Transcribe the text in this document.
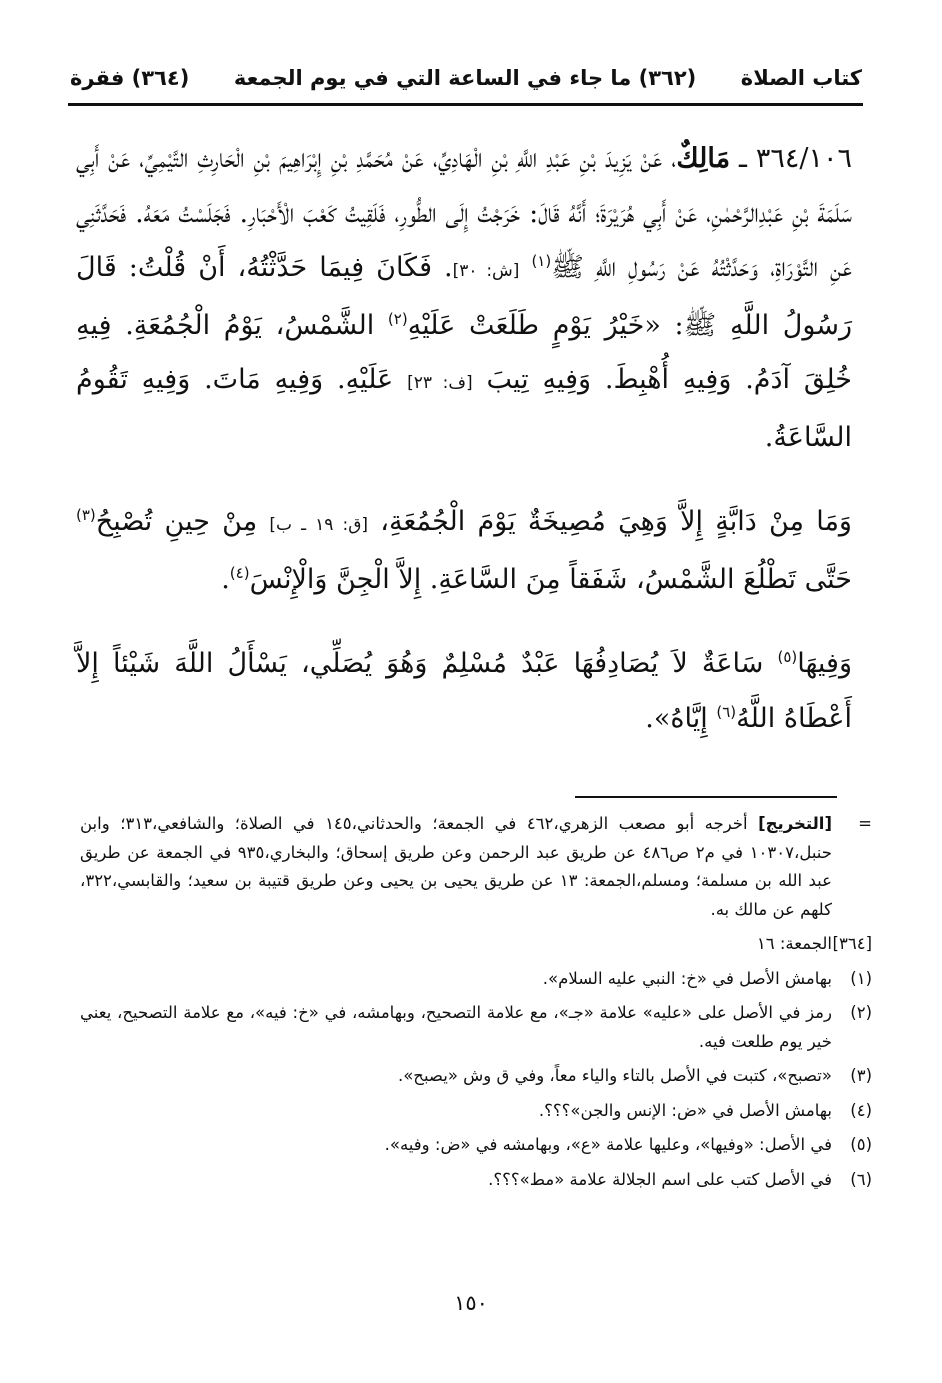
كتاب الصلاة
(٣٦٢) ما جاء في الساعة التي في يوم الجمعة
(٣٦٤) فقرة

٣٦٤/١٠٦ ـ مَالِكٌ، عَنْ يَزِيدَ بْنِ عَبْدِ اللَّهِ بْنِ الْهَادِيِّ، عَنْ مُحَمَّدِ بْنِ إِبْرَاهِيمَ بْنِ الْحَارِثِ التَّيْمِيِّ، عَنْ أَبِي سَلَمَةَ بْنِ عَبْدِالرَّحْمٰنِ، عَنْ أَبِي هُرَيْرَةَ؛ أَنَّهُ قَالَ: خَرَجْتُ إِلَى الطُّورِ، فَلَقِيتُ كَعْبَ الْأَحْبَارِ. فَجَلَسْتُ مَعَهُ. فَحَدَّثَنِي عَنِ التَّوْرَاةِ، وَحَدَّثْتُهُ عَنْ رَسُولِ اللَّهِ ﷺ$^{(١)}$ [ش: ٣٠]. فَكَانَ فِيمَا حَدَّثْتُهُ، أَنْ قُلْتُ: قَالَ رَسُولُ اللَّهِ ﷺ: «خَيْرُ يَوْمٍ طَلَعَتْ عَلَيْهِ$^{(٢)}$ الشَّمْسُ، يَوْمُ الْجُمُعَةِ. فِيهِ خُلِقَ آدَمُ. وَفِيهِ أُهْبِطَ. وَفِيهِ تِيبَ [ف: ٢٣] عَلَيْهِ. وَفِيهِ مَاتَ. وَفِيهِ تَقُومُ السَّاعَةُ.

وَمَا مِنْ دَابَّةٍ إِلاَّ وَهِيَ مُصِيخَةٌ يَوْمَ الْجُمُعَةِ، [ق: ١٩ ـ ب] مِنْ حِينِ تُصْبِحُ$^{(٣)}$ حَتَّى تَطْلُعَ الشَّمْسُ، شَفَقاً مِنَ السَّاعَةِ. إِلاَّ الْجِنَّ وَالْإِنْسَ$^{(٤)}$.

وَفِيهَا$^{(٥)}$ سَاعَةٌ لاَ يُصَادِفُهَا عَبْدٌ مُسْلِمٌ وَهُوَ يُصَلِّي، يَسْأَلُ اللَّهَ شَيْئاً إِلاَّ أَعْطَاهُ اللَّهُ$^{(٦)}$ إِيَّاهُ».

=
[التخريج] أخرجه أبو مصعب الزهري،٤٦٢ في الجمعة؛ والحدثاني،١٤٥ في الصلاة؛ والشافعي،٣١٣؛ وابن حنبل،١٠٣٠٧ في م٢ ص٤٨٦ عن طريق عبد الرحمن وعن طريق إسحاق؛ والبخاري،٩٣٥ في الجمعة عن طريق عبد الله بن مسلمة؛ ومسلم،الجمعة: ١٣ عن طريق يحيى بن يحيى وعن طريق قتيبة بن سعيد؛ والقابسي،٣٢٢، كلهم عن مالك به.
[٣٦٤]
الجمعة: ١٦
(١)
بهامش الأصل في «خ: النبي عليه السلام».
(٢)
رمز في الأصل على «عليه» علامة «جـ»، مع علامة التصحيح، وبهامشه، في «خ: فيه»، مع علامة التصحيح، يعني خير يوم طلعت فيه.
(٣)
«تصبح»، كتبت في الأصل بالتاء والياء معاً، وفي ق وش «يصبح».
(٤)
بهامش الأصل في «ض: الإنس والجن»؟؟؟.
(٥)
في الأصل: «وفيها»، وعليها علامة «ع»، وبهامشه في «ض: وفيه».
(٦)
في الأصل كتب على اسم الجلالة علامة «مط»؟؟؟.
١٥٠
